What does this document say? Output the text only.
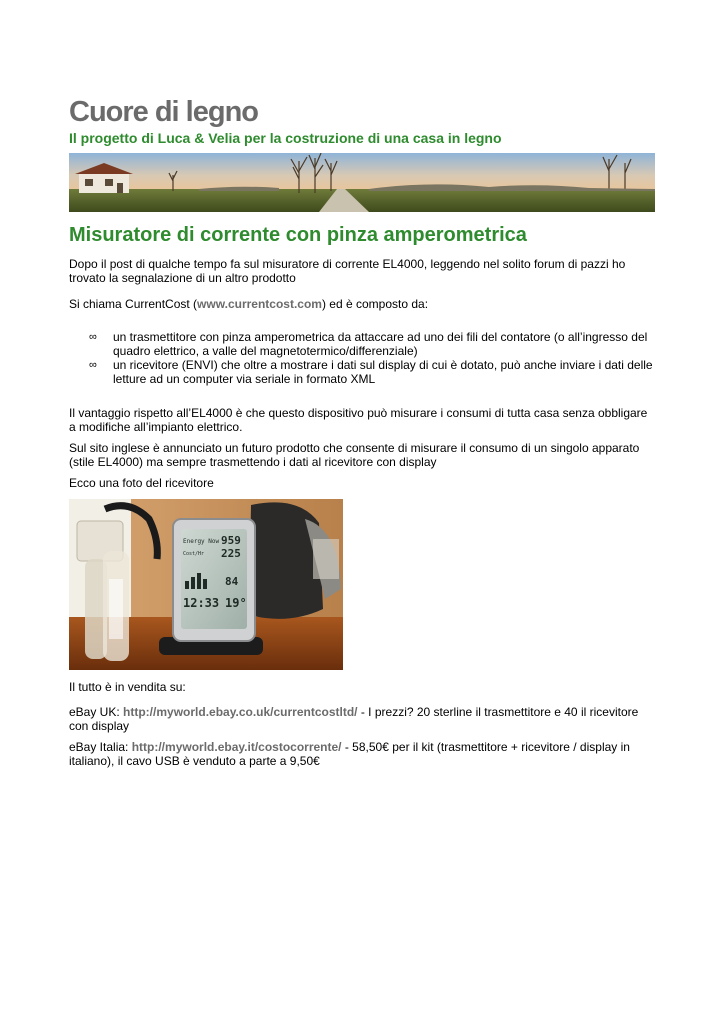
Cuore di legno
Il progetto di Luca & Velia per la costruzione di una casa in legno
Misuratore di corrente con pinza amperometrica

Dopo il post di qualche tempo fa sul misuratore di corrente EL4000, leggendo nel solito forum di pazzi ho trovato la segnalazione di un altro prodotto

Si chiama CurrentCost (www.currentcost.com) ed è composto da:

∞ un trasmettitore con pinza amperometrica da attaccare ad uno dei fili del contatore (o all’ingresso del quadro elettrico, a valle del magnetotermico/differenziale)
∞ un ricevitore (ENVI) che oltre a mostrare i dati sul display di cui è dotato, può anche inviare i dati delle letture ad un computer via seriale in formato XML

Il vantaggio rispetto all’EL4000 è che questo dispositivo può misurare i consumi di tutta casa senza obbligare a modifiche all’impianto elettrico.

Sul sito inglese è annunciato un futuro prodotto che consente di misurare il consumo di un singolo apparato (stile EL4000) ma sempre trasmettendo i dati al ricevitore con display

Ecco una foto del ricevitore

Energy Now 959
225
Cost/Hr
84
12:33 19°

Il tutto è in vendita su:

eBay UK: http://myworld.ebay.co.uk/currentcostltd/ - I prezzi? 20 sterline il trasmettitore e 40 il ricevitore con display

eBay Italia: http://myworld.ebay.it/costocorrente/ - 58,50€ per il kit (trasmettitore + ricevitore / display in italiano), il cavo USB è venduto a parte a 9,50€
